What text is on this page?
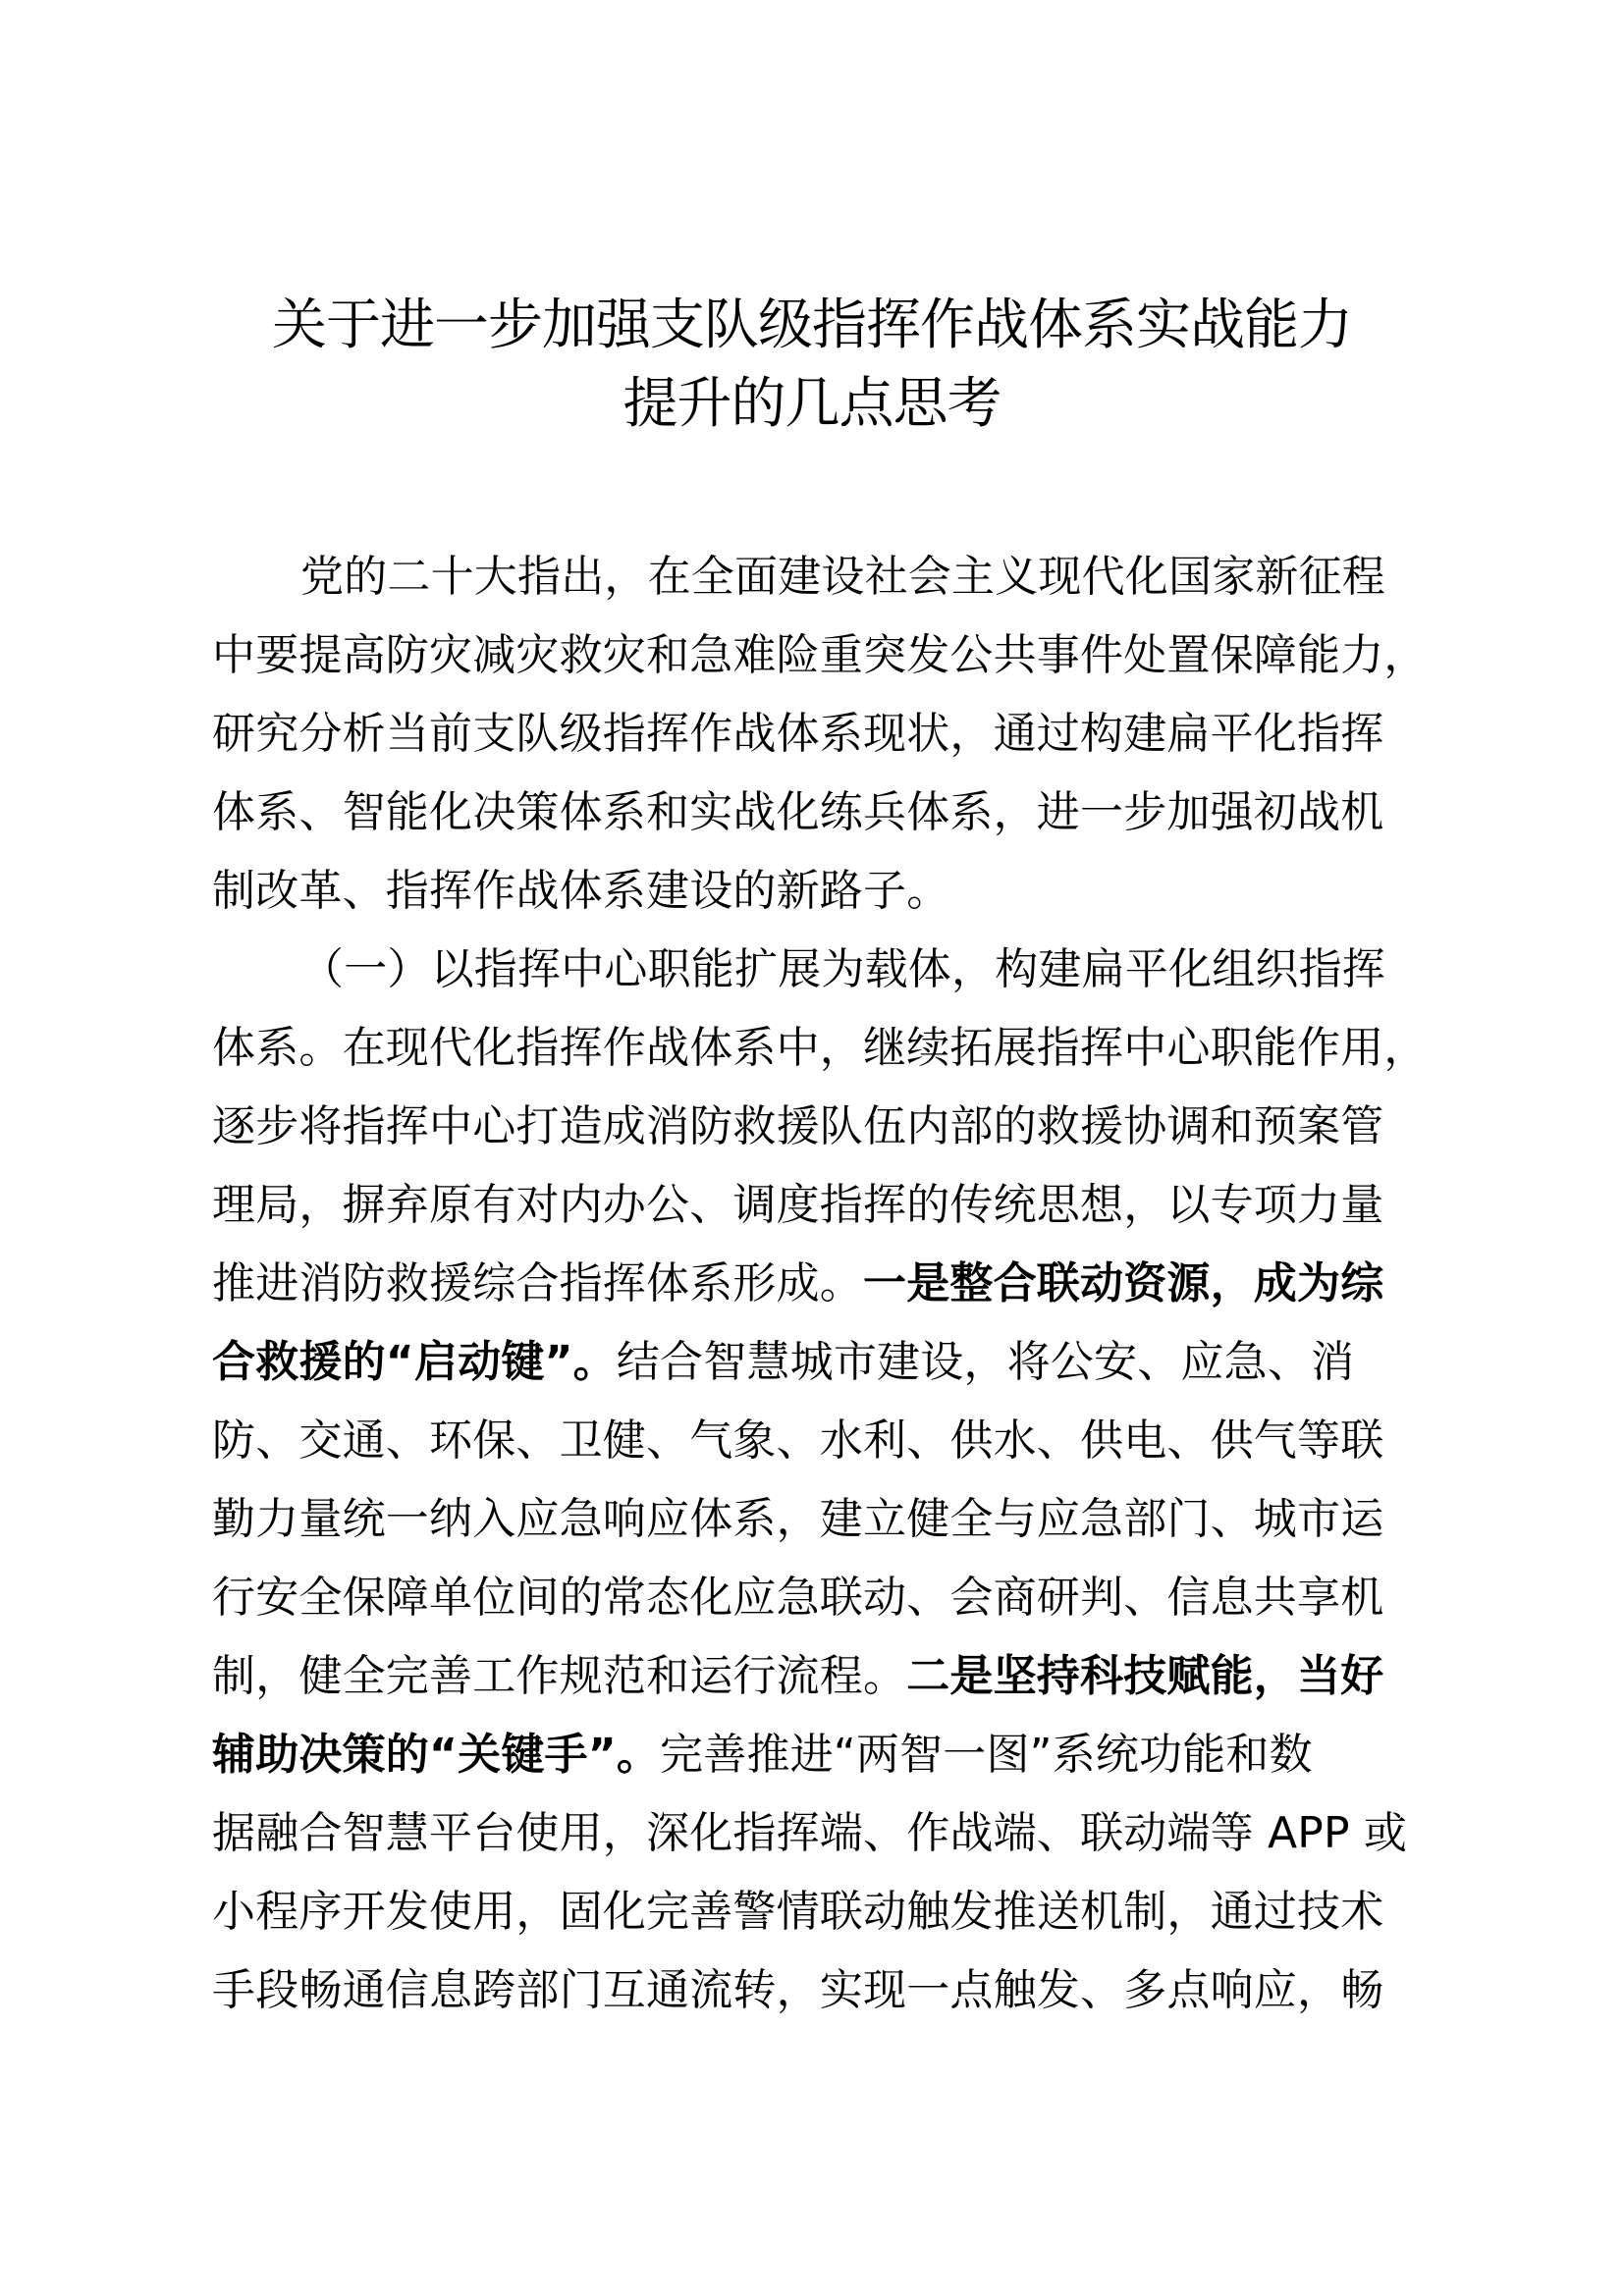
关于进一步加强支队级指挥作战体系实战能力
提升的几点思考
党的二十大指出，在全面建设社会主义现代化国家新征程
中要提高防灾减灾救灾和急难险重突发公共事件处置保障能力，
研究分析当前支队级指挥作战体系现状，通过构建扁平化指挥
体系、智能化决策体系和实战化练兵体系，进一步加强初战机
制改革、指挥作战体系建设的新路子。
（一）以指挥中心职能扩展为载体，构建扁平化组织指挥
体系。在现代化指挥作战体系中，继续拓展指挥中心职能作用，
逐步将指挥中心打造成消防救援队伍内部的救援协调和预案管
理局，摒弃原有对内办公、调度指挥的传统思想，以专项力量
推进消防救援综合指挥体系形成。一是整合联动资源，成为综
合救援的“启动键”。结合智慧城市建设，将公安、应急、消
防、交通、环保、卫健、气象、水利、供水、供电、供气等联
勤力量统一纳入应急响应体系，建立健全与应急部门、城市运
行安全保障单位间的常态化应急联动、会商研判、信息共享机
制，健全完善工作规范和运行流程。二是坚持科技赋能，当好
辅助决策的“关键手”。完善推进“两智一图”系统功能和数
据融合智慧平台使用，深化指挥端、作战端、联动端等 APP 或
小程序开发使用，固化完善警情联动触发推送机制，通过技术
手段畅通信息跨部门互通流转，实现一点触发、多点响应，畅
